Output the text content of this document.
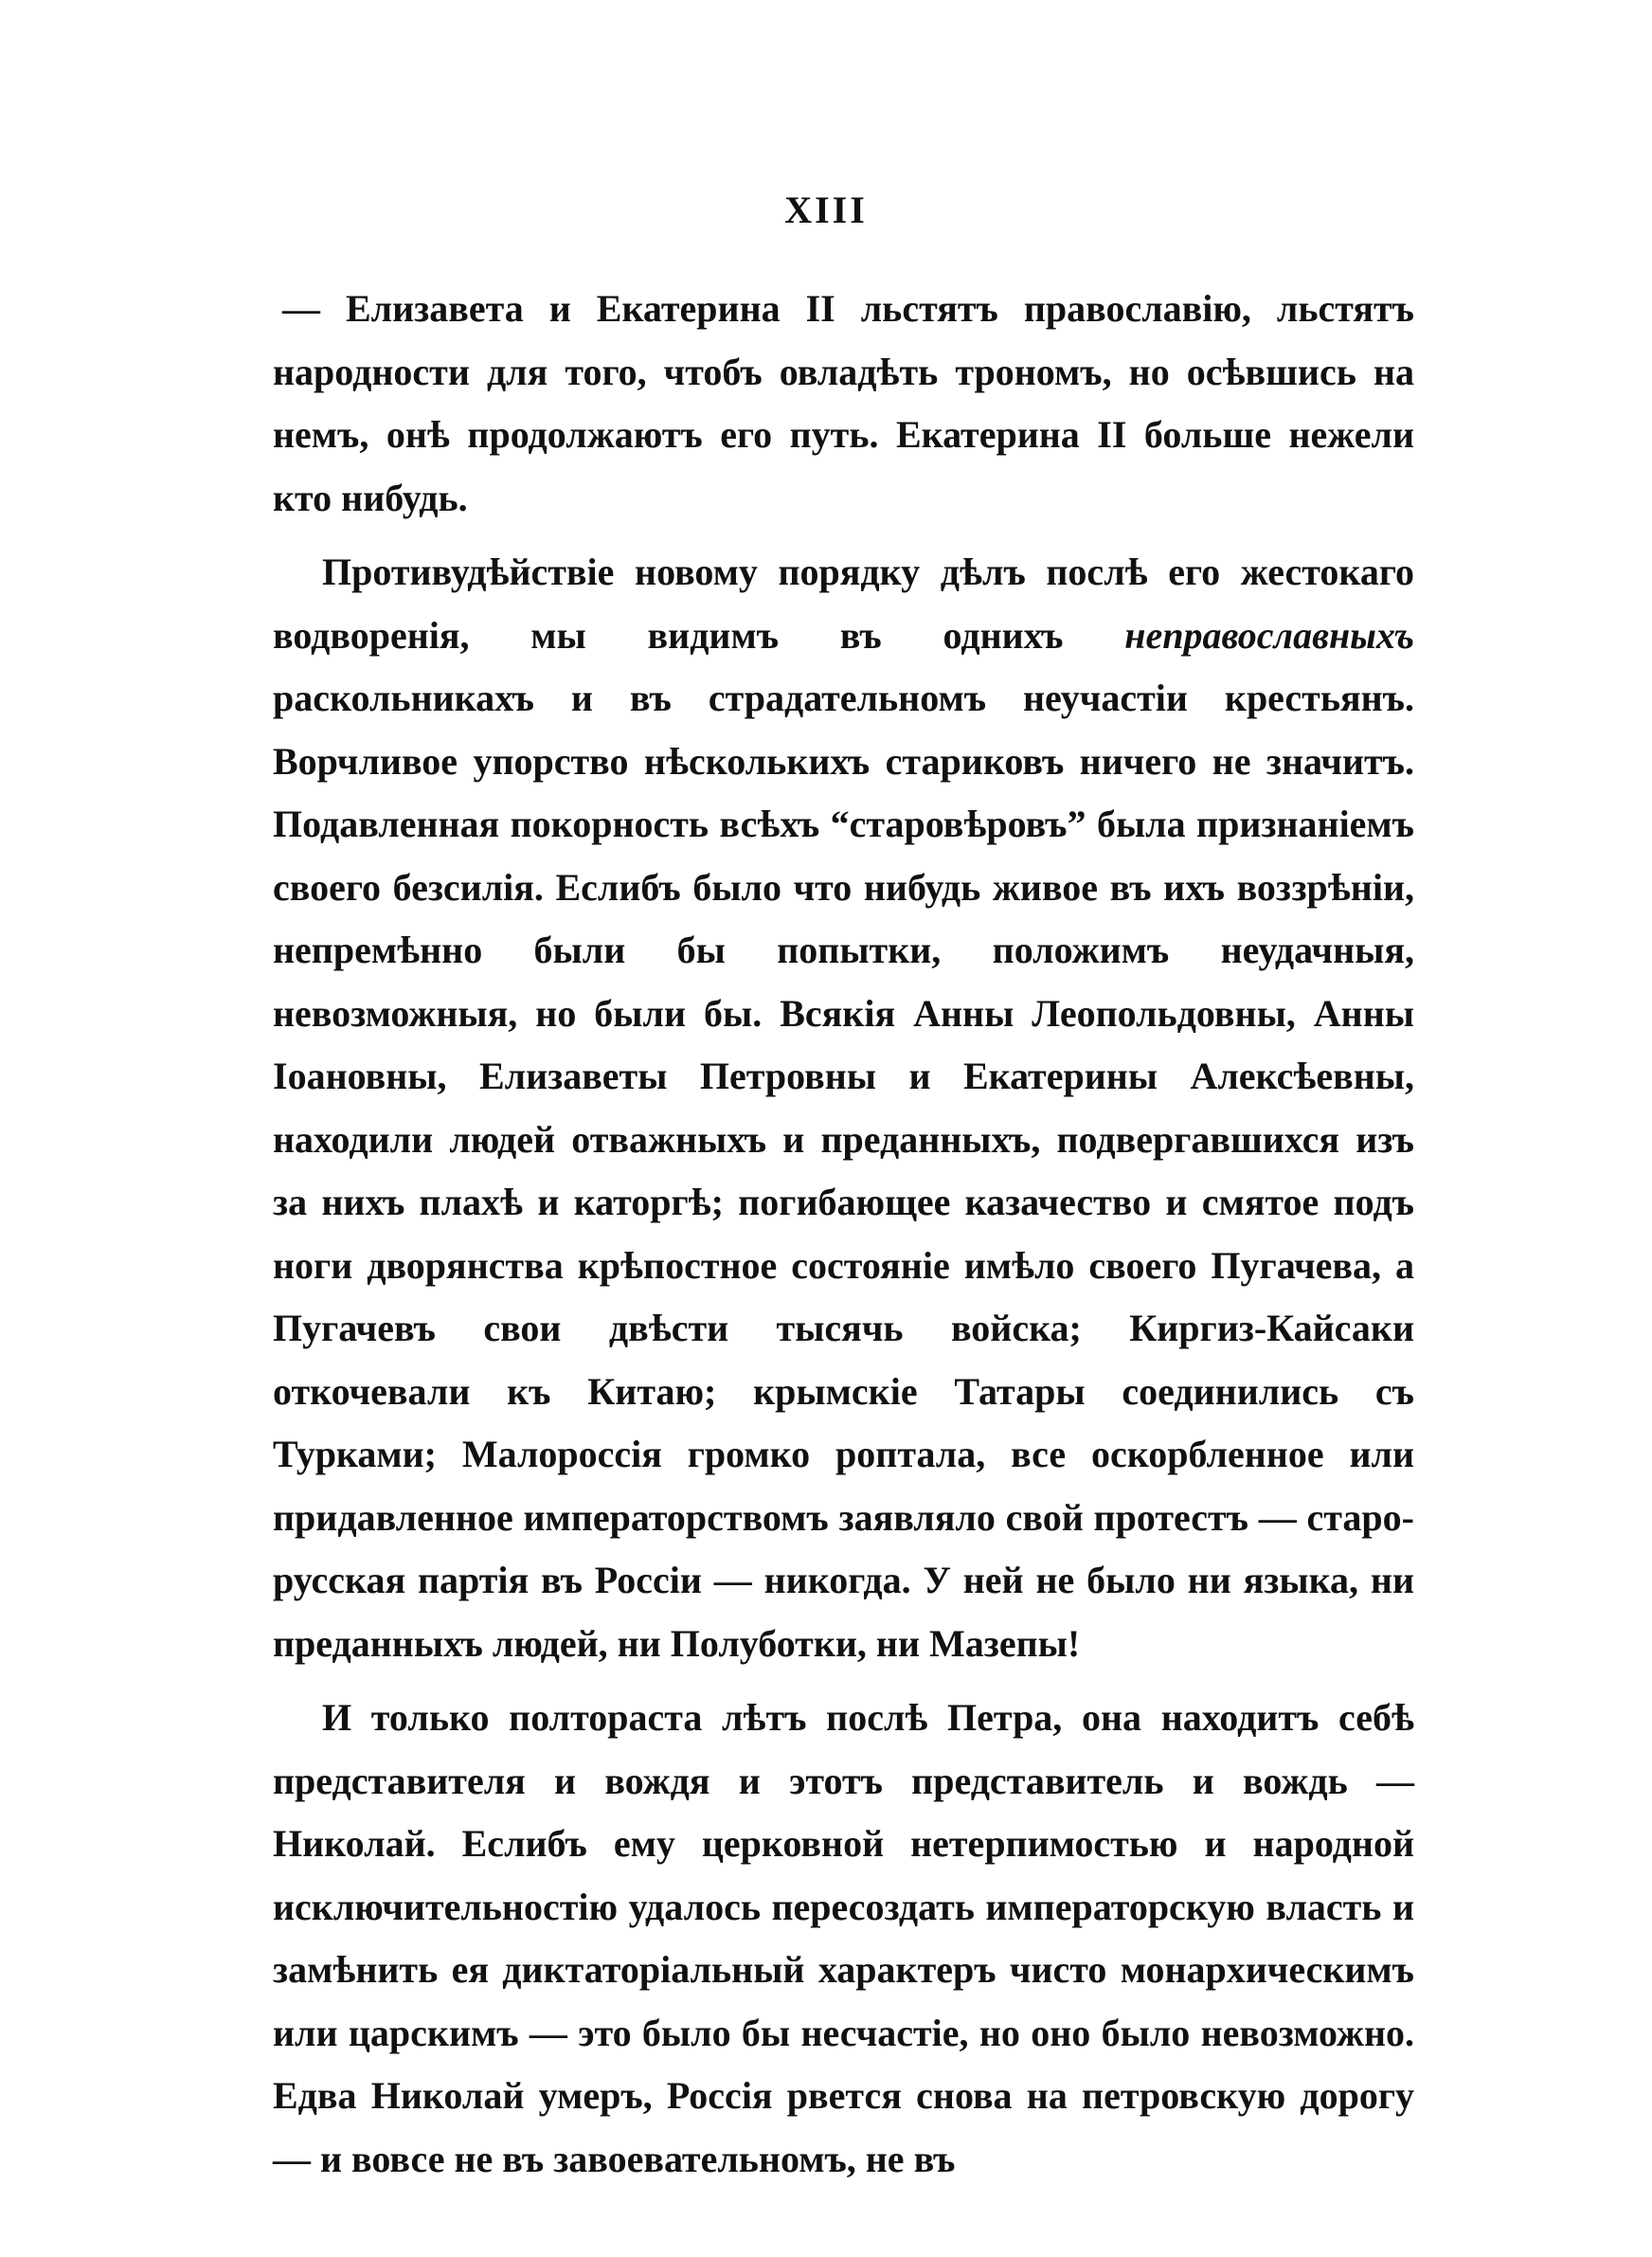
XIII

— Елизавета и Екатерина II льстятъ православію, льстятъ народности для того, чтобъ овладѣть трономъ, но осѣвшись на немъ, онѣ продолжаютъ его путь. Екатерина II больше нежели кто нибудь.

Противудѣйствіе новому порядку дѣлъ послѣ его жестокаго водворенія, мы видимъ въ однихъ неправославныхъ раскольникахъ и въ страдательномъ неучастіи крестьянъ. Ворчливое упорство нѣсколькихъ стариковъ ничего не значитъ. Подавленная покорность всѣхъ “старовѣровъ” была признаніемъ своего безсилія. Еслибъ было что нибудь живое въ ихъ воззрѣніи, непремѣнно были бы попытки, положимъ неудачныя, невозможныя, но были бы. Всякія Анны Леопольдовны, Анны Іоановны, Елизаветы Петровны и Екатерины Алексѣевны, находили людей отважныхъ и преданныхъ, подвергавшихся изъ за нихъ плахѣ и каторгѣ; погибающее казачество и смятое подъ ноги дворянства крѣпостное состояніе имѣло своего Пугачева, а Пугачевъ свои двѣсти тысячь войска; Киргиз-Кайсаки откочевали къ Китаю; крымскіе Татары соединились съ Турками; Малороссія громко роптала, все оскорбленное или придавленное императорствомъ заявляло свой протестъ — старо-русская партія въ Россіи — никогда. У ней не было ни языка, ни преданныхъ людей, ни Полуботки, ни Мазепы!

И только полтораста лѣтъ послѣ Петра, она находитъ себѣ представителя и вождя и этотъ представитель и вождь — Николай. Еслибъ ему церковной нетерпимостью и народной исключительностію удалось пересоздать императорскую власть и замѣнить ея диктаторіальный характеръ чисто монархическимъ или царскимъ — это было бы несчастіе, но оно было невозможно. Едва Николай умеръ, Россія рвется снова на петровскую дорогу — и вовсе не въ завоевательномъ, не въ
